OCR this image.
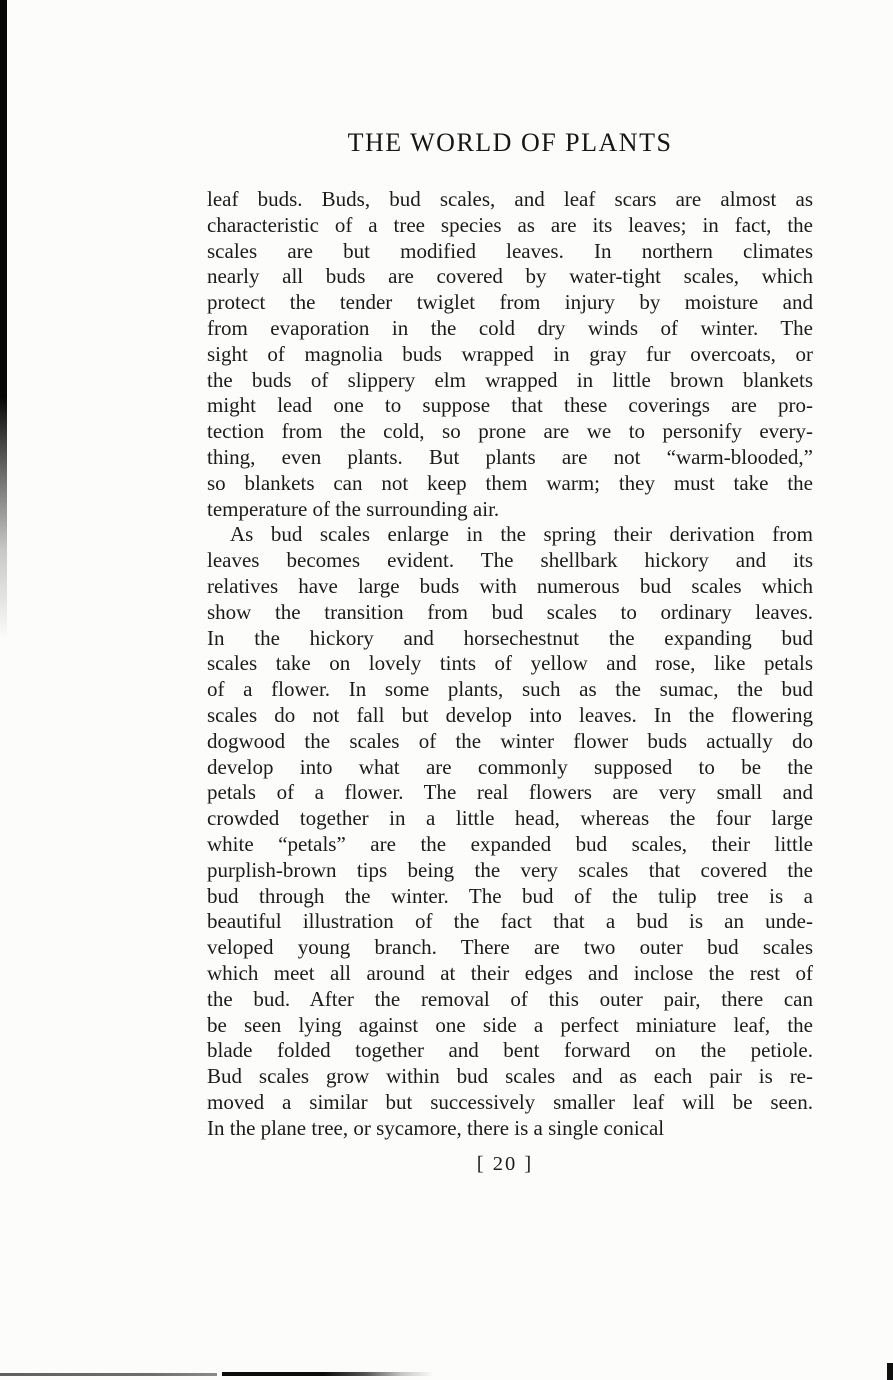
THE WORLD OF PLANTS
leaf buds. Buds, bud scales, and leaf scars are almost as
characteristic of a tree species as are its leaves; in fact, the
scales are but modified leaves. In northern climates
nearly all buds are covered by water-tight scales, which
protect the tender twiglet from injury by moisture and
from evaporation in the cold dry winds of winter. The
sight of magnolia buds wrapped in gray fur overcoats, or
the buds of slippery elm wrapped in little brown blankets
might lead one to suppose that these coverings are pro-
tection from the cold, so prone are we to personify every-
thing, even plants. But plants are not “warm-blooded,”
so blankets can not keep them warm; they must take the
temperature of the surrounding air.
As bud scales enlarge in the spring their derivation from
leaves becomes evident. The shellbark hickory and its
relatives have large buds with numerous bud scales which
show the transition from bud scales to ordinary leaves.
In the hickory and horsechestnut the expanding bud
scales take on lovely tints of yellow and rose, like petals
of a flower. In some plants, such as the sumac, the bud
scales do not fall but develop into leaves. In the flowering
dogwood the scales of the winter flower buds actually do
develop into what are commonly supposed to be the
petals of a flower. The real flowers are very small and
crowded together in a little head, whereas the four large
white “petals” are the expanded bud scales, their little
purplish-brown tips being the very scales that covered the
bud through the winter. The bud of the tulip tree is a
beautiful illustration of the fact that a bud is an unde-
veloped young branch. There are two outer bud scales
which meet all around at their edges and inclose the rest of
the bud. After the removal of this outer pair, there can
be seen lying against one side a perfect miniature leaf, the
blade folded together and bent forward on the petiole.
Bud scales grow within bud scales and as each pair is re-
moved a similar but successively smaller leaf will be seen.
In the plane tree, or sycamore, there is a single conical
[ 20 ]
